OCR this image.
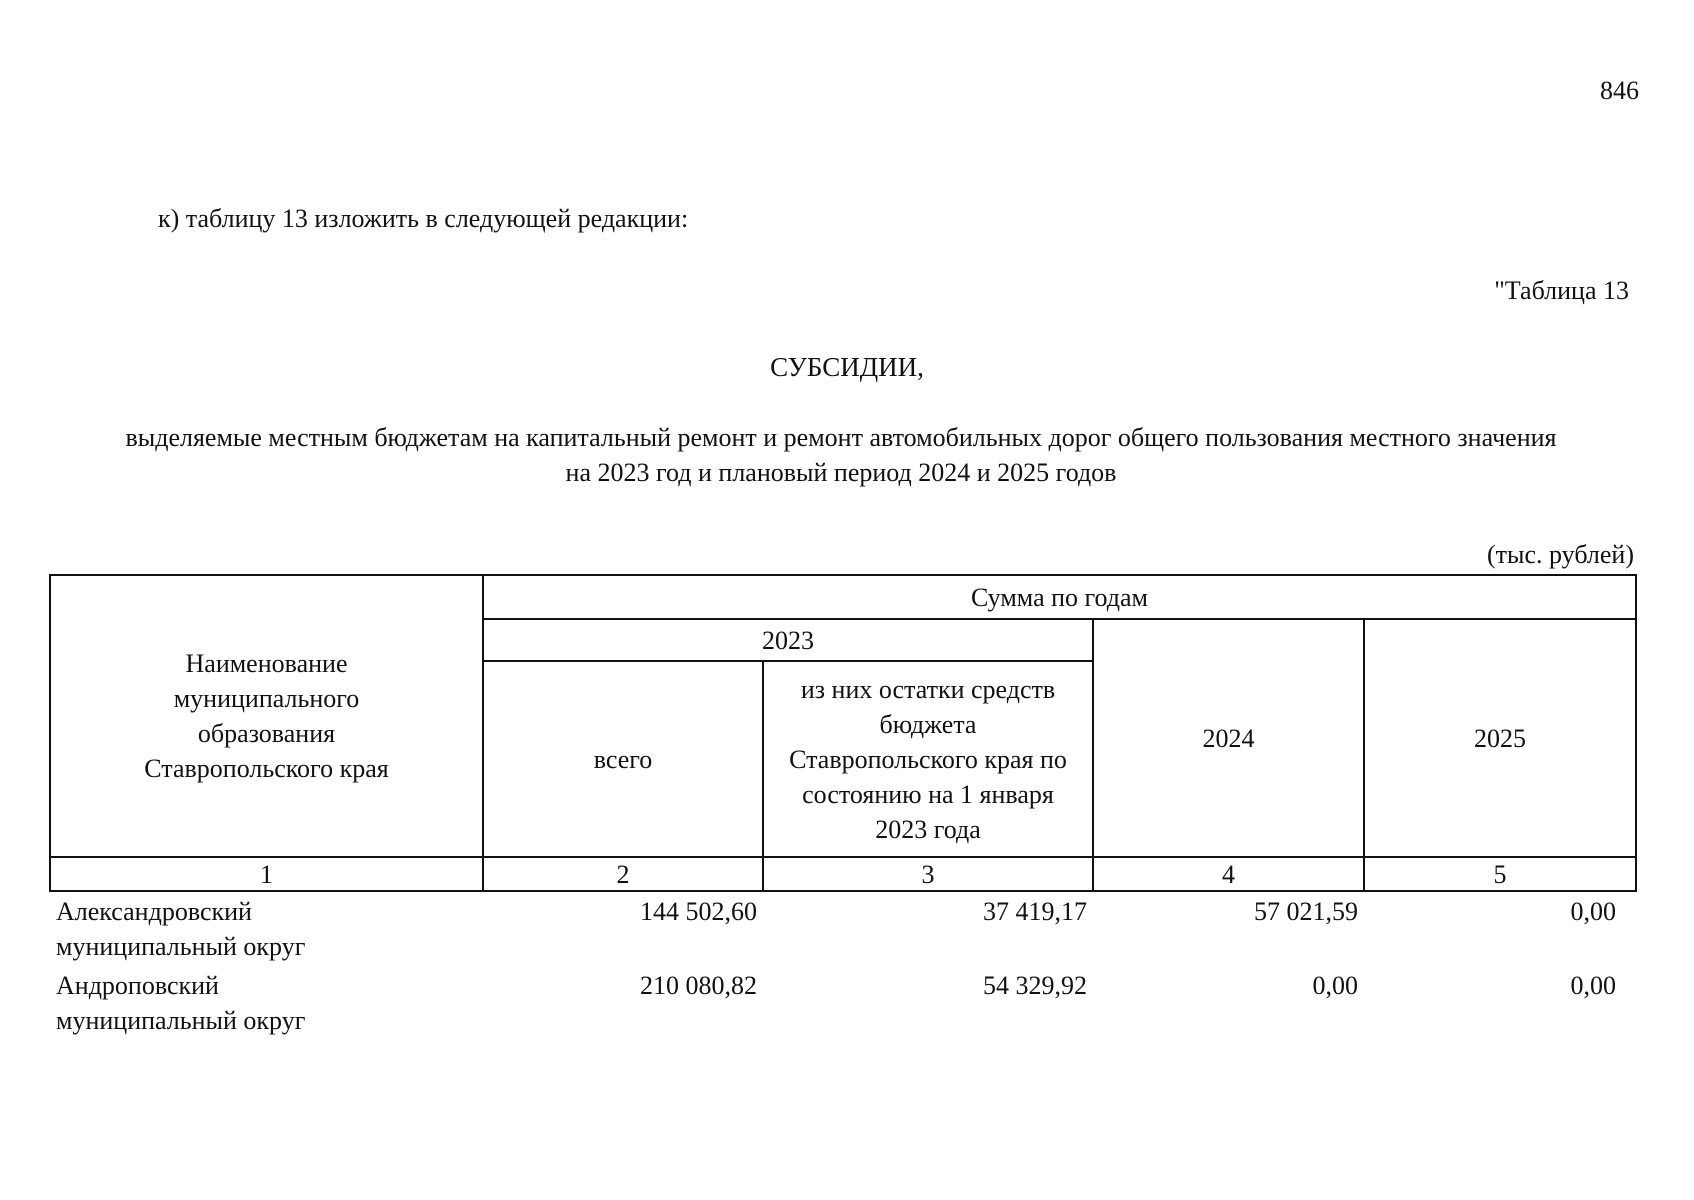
846
к) таблицу 13 изложить в следующей редакции:
"Таблица 13
СУБСИДИИ,
выделяемые местным бюджетам на капитальный ремонт и ремонт автомобильных дорог общего пользования местного значения
на 2023 год и плановый период 2024 и 2025 годов
(тыс. рублей)
Наименование
муниципального
образования
Ставропольского края	Сумма по годам			
	2023		2024	2025
	всего	из них остатки средств
бюджета
Ставропольского края по
состоянию на 1 января
2023 года		

1	2	3	4	5

Александровский
муниципальный округ	144 502,60	37 419,17	57 021,59	0,00

Андроповский
муниципальный округ	210 080,82	54 329,92	0,00	0,00
